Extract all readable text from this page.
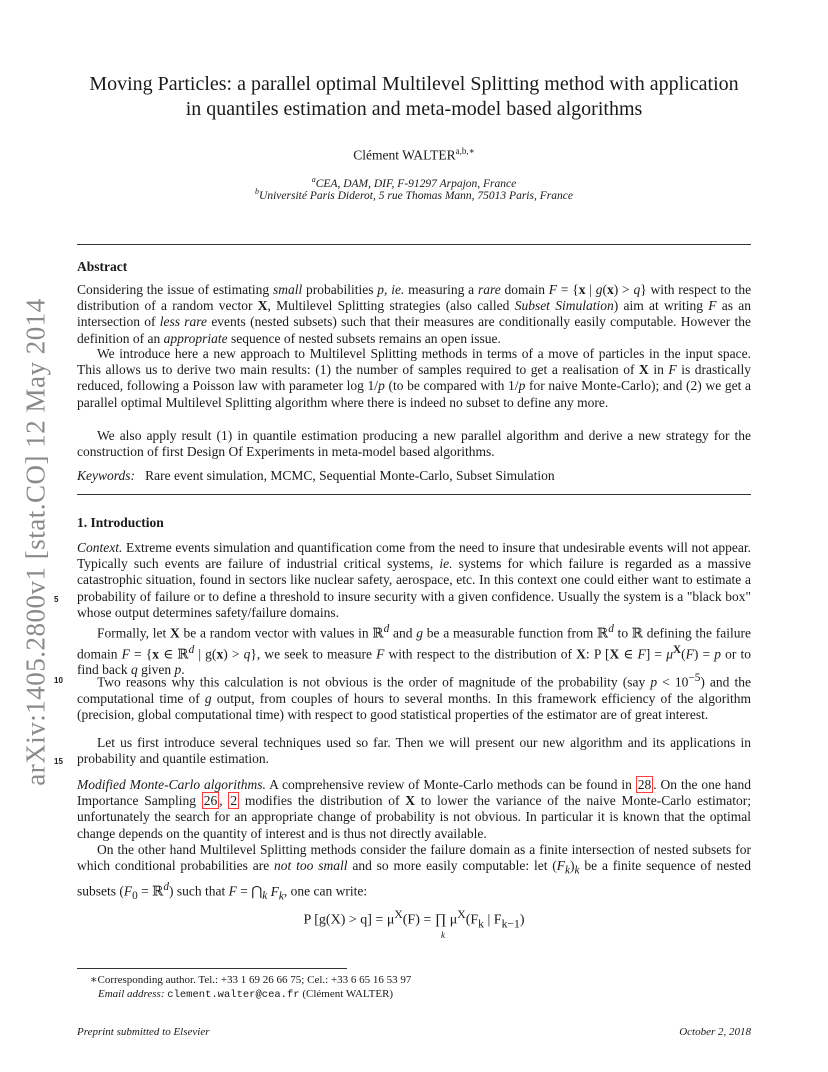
arXiv:1405.2800v1 [stat.CO] 12 May 2014
Moving Particles: a parallel optimal Multilevel Splitting method with application
in quantiles estimation and meta-model based algorithms
Clément $WALTER^{a,b,∗}$
$^a$CEA, DAM, DIF, F-91297 Arpajon, France
$^b$Université Paris Diderot, 5 rue Thomas Mann, 75013 Paris, France
Abstract

Considering the issue of estimating small probabilities p, ie. measuring a rare domain F = {x | g(x) > q} with respect to the distribution of a random vector X, Multilevel Splitting strategies (also called Subset Simulation) aim at writing F as an intersection of less rare events (nested subsets) such that their measures are conditionally easily computable. However the definition of an appropriate sequence of nested subsets remains an open issue.

We introduce here a new approach to Multilevel Splitting methods in terms of a move of particles in the input space. This allows us to derive two main results: (1) the number of samples required to get a realisation of X in F is drastically reduced, following a Poisson law with parameter log 1/p (to be compared with 1/p for naive Monte-Carlo); and (2) we get a parallel optimal Multilevel Splitting algorithm where there is indeed no subset to define any more.

We also apply result (1) in quantile estimation producing a new parallel algorithm and derive a new strategy for the construction of first Design Of Experiments in meta-model based algorithms.

Keywords: Rare event simulation, MCMC, Sequential Monte-Carlo, Subset Simulation
1. Introduction

Context. Extreme events simulation and quantification come from the need to insure that undesirable events will not appear. Typically such events are failure of industrial critical systems, ie. systems for which failure is regarded as a massive catastrophic situation, found in sectors like nuclear safety, aerospace, etc. In this context one could either want to estimate a probability of failure or to define a threshold to insure security with a given confidence. Usually the system is a "black box" whose output determines safety/failure domains.

Formally, let X be a random vector with values in ℝ$^d$ and g be a measurable function from ℝ$^d$ to ℝ defining the failure domain F = {x ∈ ℝ$^d$ | g(x) > q}, we seek to measure F with respect to the distribution of X: P [X ∈ $F] = \mu^X(F) = p$ or to find back q given p.

Two reasons why this calculation is not obvious is the order of magnitude of the probability (say $p < 10^{-5}$) and the computational time of g output, from couples of hours to several months. In this framework efficiency of the algorithm (precision, global computational time) with respect to good statistical properties of the estimator are of great interest.

Let us first introduce several techniques used so far. Then we will present our new algorithm and its applications in probability and quantile estimation.

Modified Monte-Carlo algorithms. A comprehensive review of Monte-Carlo methods can be found in 28 . On the one hand Importance Sampling 26 , 2 modifies the distribution of X to lower the variance of the naive Monte-Carlo estimator; unfortunately the search for an appropriate change of probability is not obvious. In particular it is known that the optimal change depends on the quantity of interest and is thus not directly available.

On the other hand Multilevel Splitting methods consider the failure domain as a finite intersection of nested subsets for which conditional probabilities are not too small and so more easily computable: let $(F_k)_k$ be a finite sequence of nested subsets ($F_0$ = ℝ$^d$) such that $F = ⋂_k$ $F_k$, one can write:

5
10
15
P $[g(X) > q] = \mu^X(F)$ = ∏ $\mu^X(F_k$ | $F_{k-1}$)
k
∗Corresponding author. Tel.: +33 1 69 26 66 75; Cel.: +33 6 65 16 53 97
Email address: clement.walter@cea.fr (Clément WALTER)
Preprint submitted to Elsevier	October 2, 2018
